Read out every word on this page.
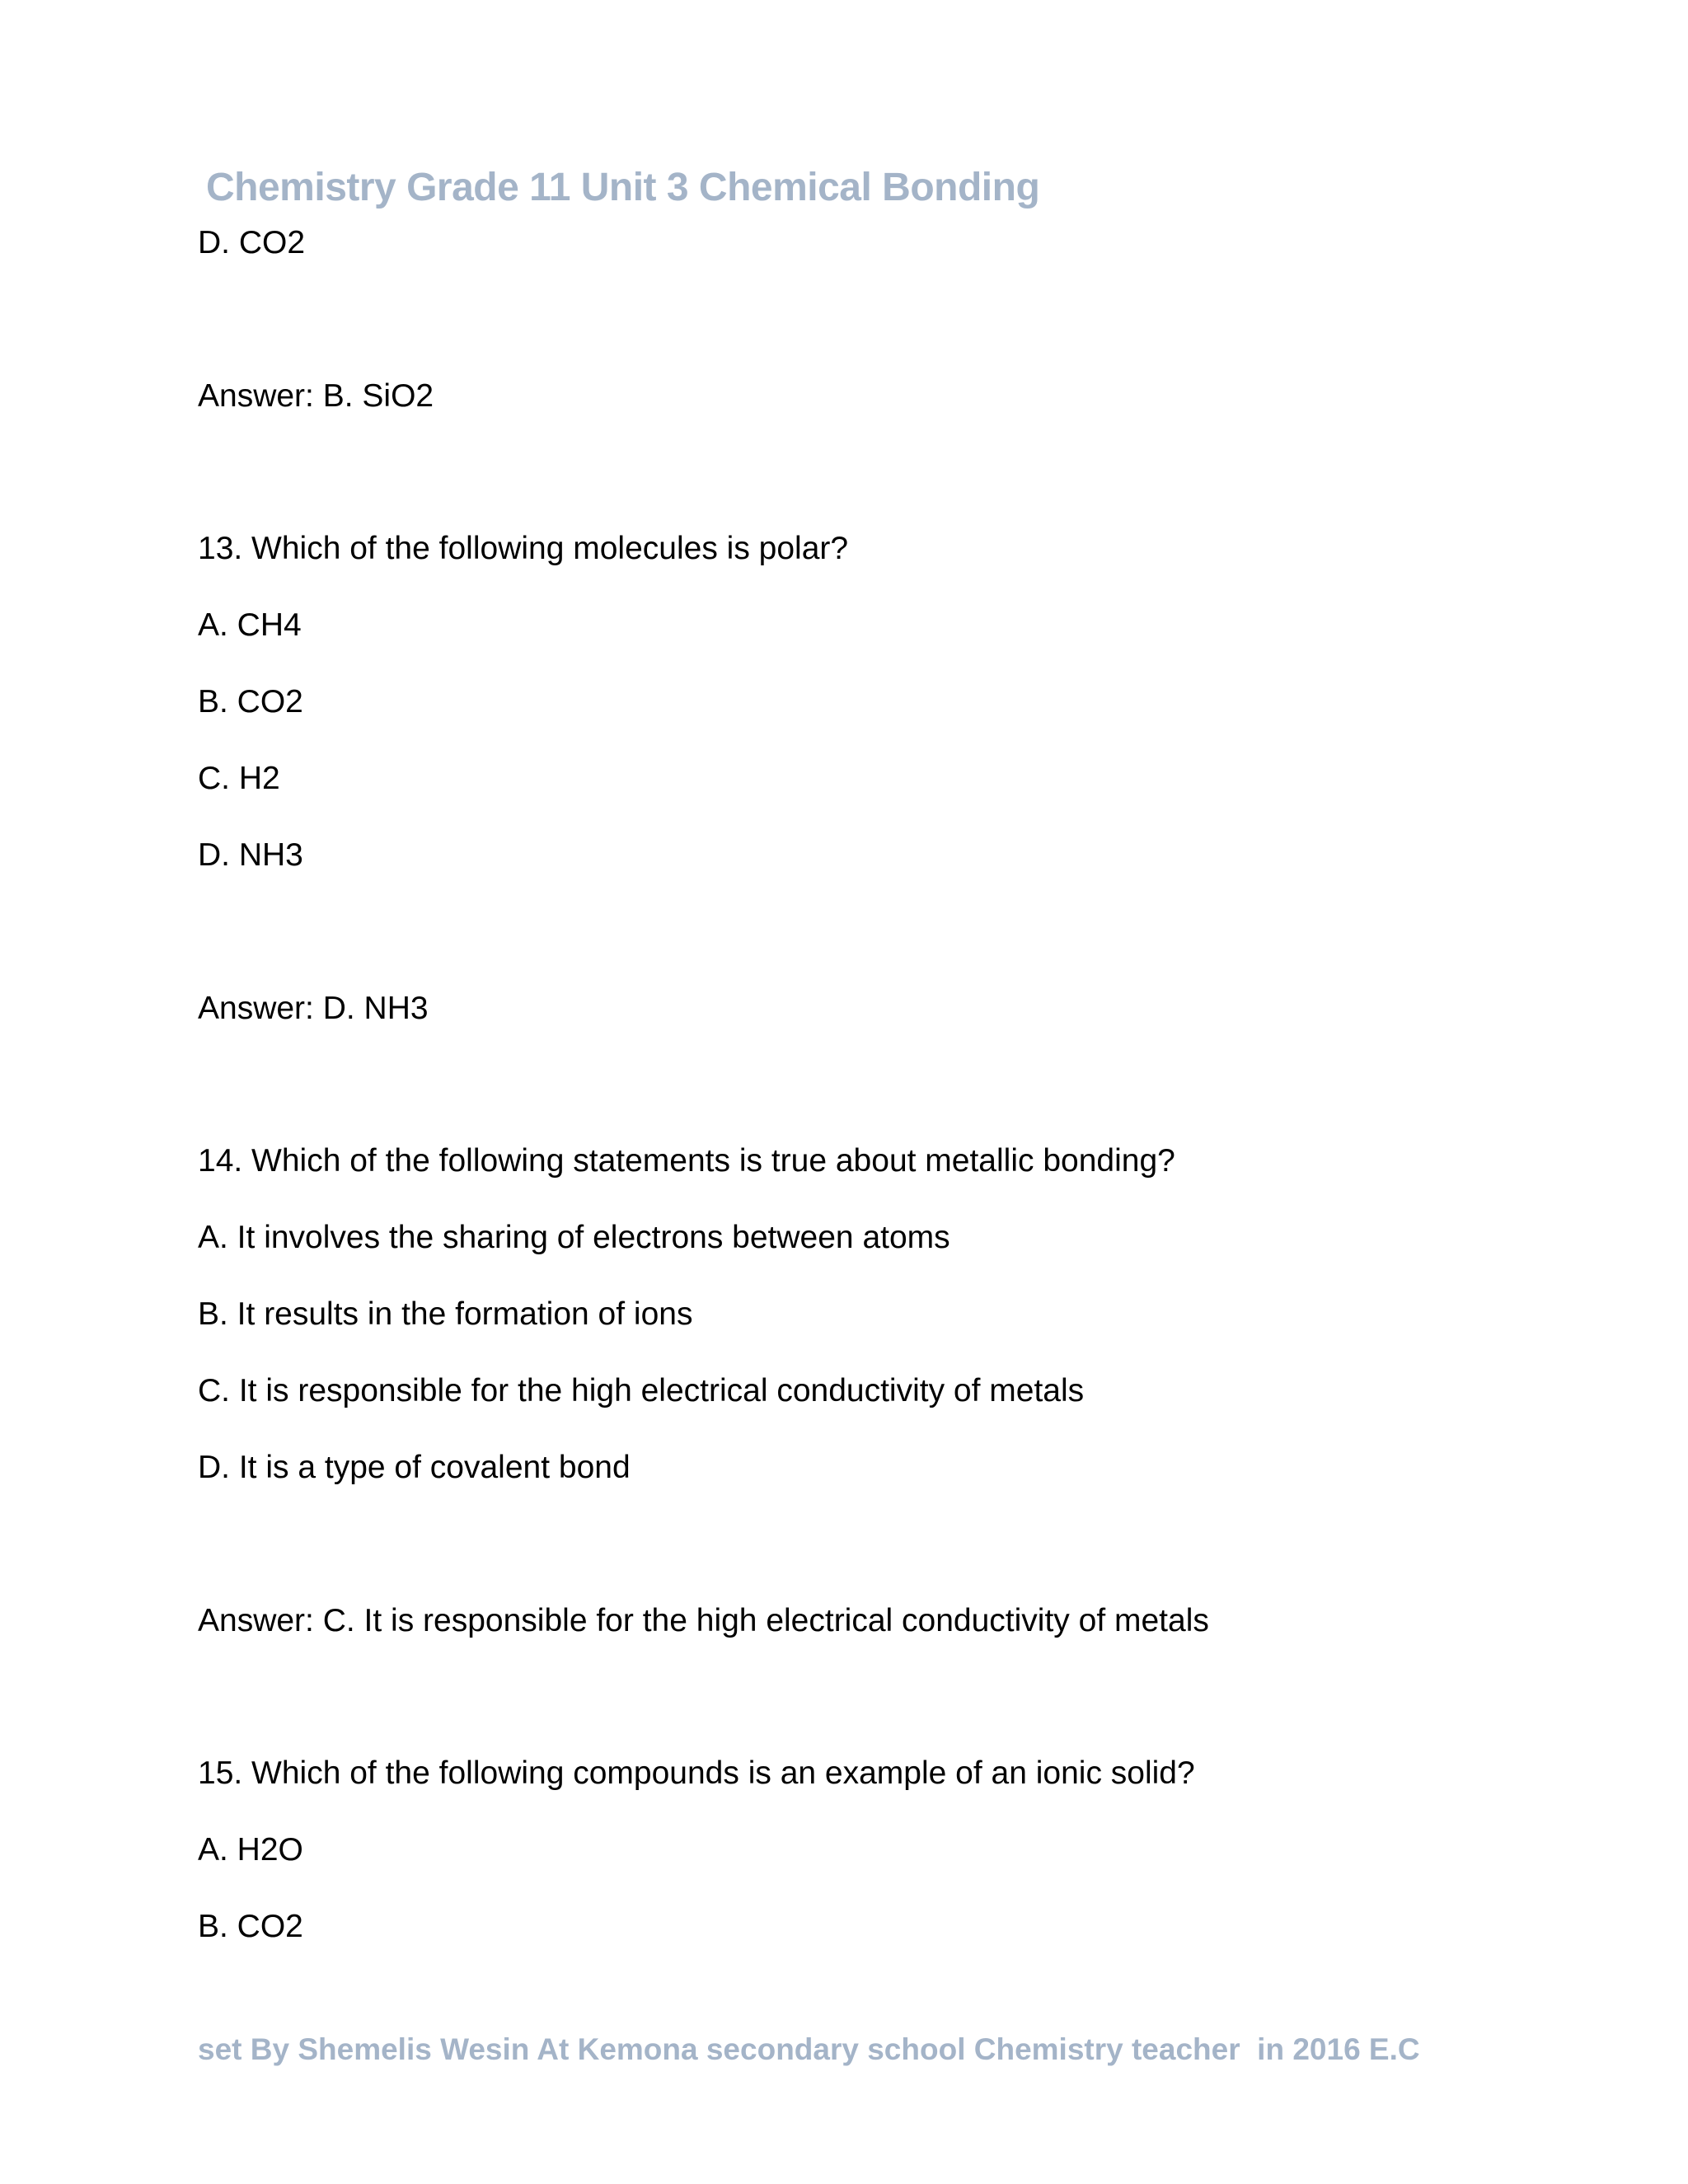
Chemistry Grade 11 Unit 3 Chemical Bonding
D. CO2
Answer: B. SiO2
13. Which of the following molecules is polar?
A. CH4
B. CO2
C. H2
D. NH3
Answer: D. NH3
14. Which of the following statements is true about metallic bonding?
A. It involves the sharing of electrons between atoms
B. It results in the formation of ions
C. It is responsible for the high electrical conductivity of metals
D. It is a type of covalent bond
Answer: C. It is responsible for the high electrical conductivity of metals
15. Which of the following compounds is an example of an ionic solid?
A. H2O
B. CO2
set By Shemelis Wesin At Kemona secondary school Chemistry teacher  in 2016 E.C
